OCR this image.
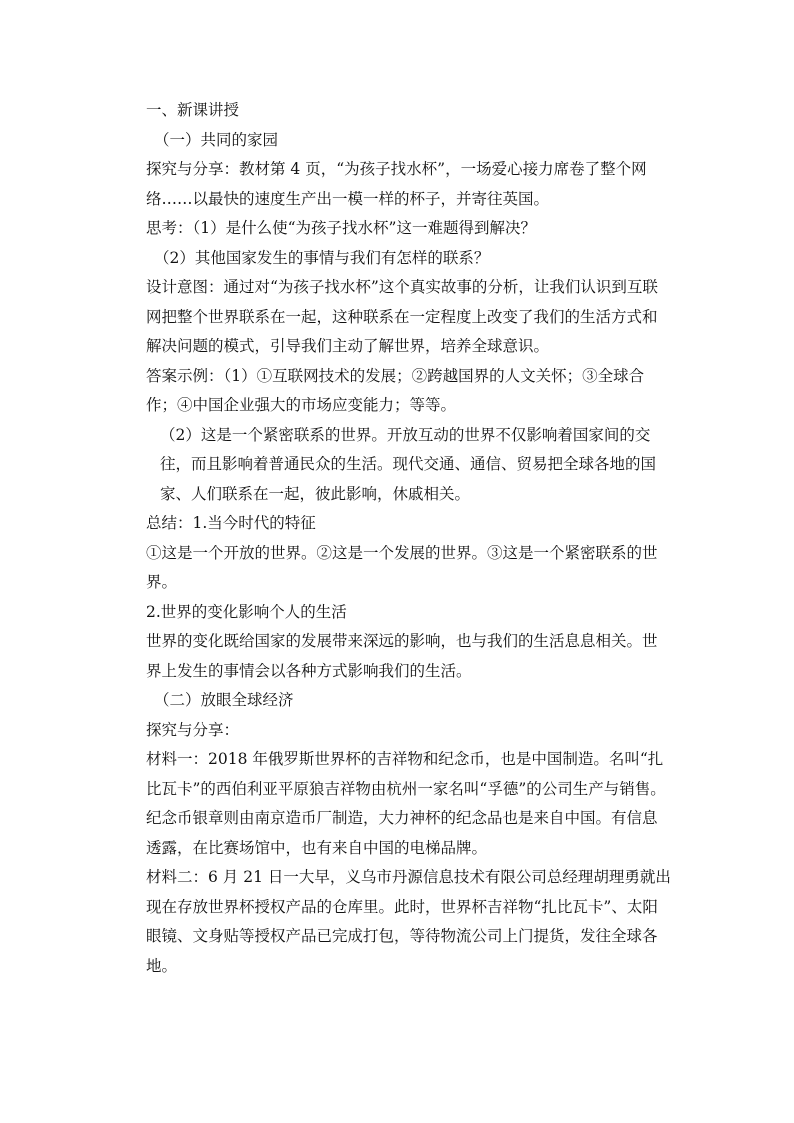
一、新课讲授

（一）共同的家园

探究与分享：教材第 4 页，“为孩子找水杯”，一场爱心接力席卷了整个网络……以最快的速度生产出一模一样的杯子，并寄往英国。

思考：（1）是什么使“为孩子找水杯”这一难题得到解决？

（2）其他国家发生的事情与我们有怎样的联系？

设计意图：通过对“为孩子找水杯”这个真实故事的分析，让我们认识到互联网把整个世界联系在一起，这种联系在一定程度上改变了我们的生活方式和解决问题的模式，引导我们主动了解世界，培养全球意识。

答案示例：（1）①互联网技术的发展；②跨越国界的人文关怀；③全球合作；④中国企业强大的市场应变能力；等等。

（2）这是一个紧密联系的世界。开放互动的世界不仅影响着国家间的交往，而且影响着普通民众的生活。现代交通、通信、贸易把全球各地的国家、人们联系在一起，彼此影响，休戚相关。

总结：1.当今时代的特征

①这是一个开放的世界。②这是一个发展的世界。③这是一个紧密联系的世界。

2.世界的变化影响个人的生活

世界的变化既给国家的发展带来深远的影响，也与我们的生活息息相关。世界上发生的事情会以各种方式影响我们的生活。

（二）放眼全球经济

探究与分享：

材料一：2018 年俄罗斯世界杯的吉祥物和纪念币，也是中国制造。名叫“扎比瓦卡”的西伯利亚平原狼吉祥物由杭州一家名叫“孚德”的公司生产与销售。纪念币银章则由南京造币厂制造，大力神杯的纪念品也是来自中国。有信息透露，在比赛场馆中，也有来自中国的电梯品牌。

材料二：6 月 21 日一大早，义乌市丹源信息技术有限公司总经理胡理勇就出现在存放世界杯授权产品的仓库里。此时，世界杯吉祥物“扎比瓦卡”、太阳眼镜、文身贴等授权产品已完成打包，等待物流公司上门提货，发往全球各地。
